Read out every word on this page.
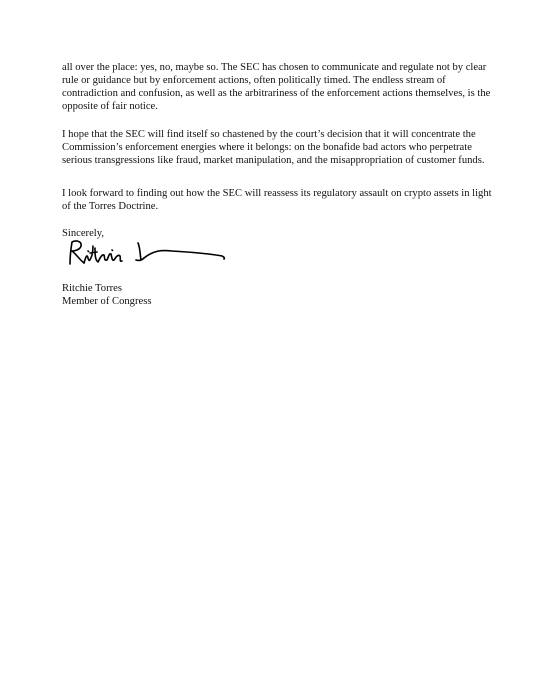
all over the place: yes, no, maybe so. The SEC has chosen to communicate and regulate not by clear rule or guidance but by enforcement actions, often politically timed. The endless stream of contradiction and confusion, as well as the arbitrariness of the enforcement actions themselves, is the opposite of fair notice.

I hope that the SEC will find itself so chastened by the court’s decision that it will concentrate the Commission’s enforcement energies where it belongs: on the bonafide bad actors who perpetrate serious transgressions like fraud, market manipulation, and the misappropriation of customer funds.

I look forward to finding out how the SEC will reassess its regulatory assault on crypto assets in light of the Torres Doctrine.

Sincerely,

Ritchie Torres

Member of Congress
